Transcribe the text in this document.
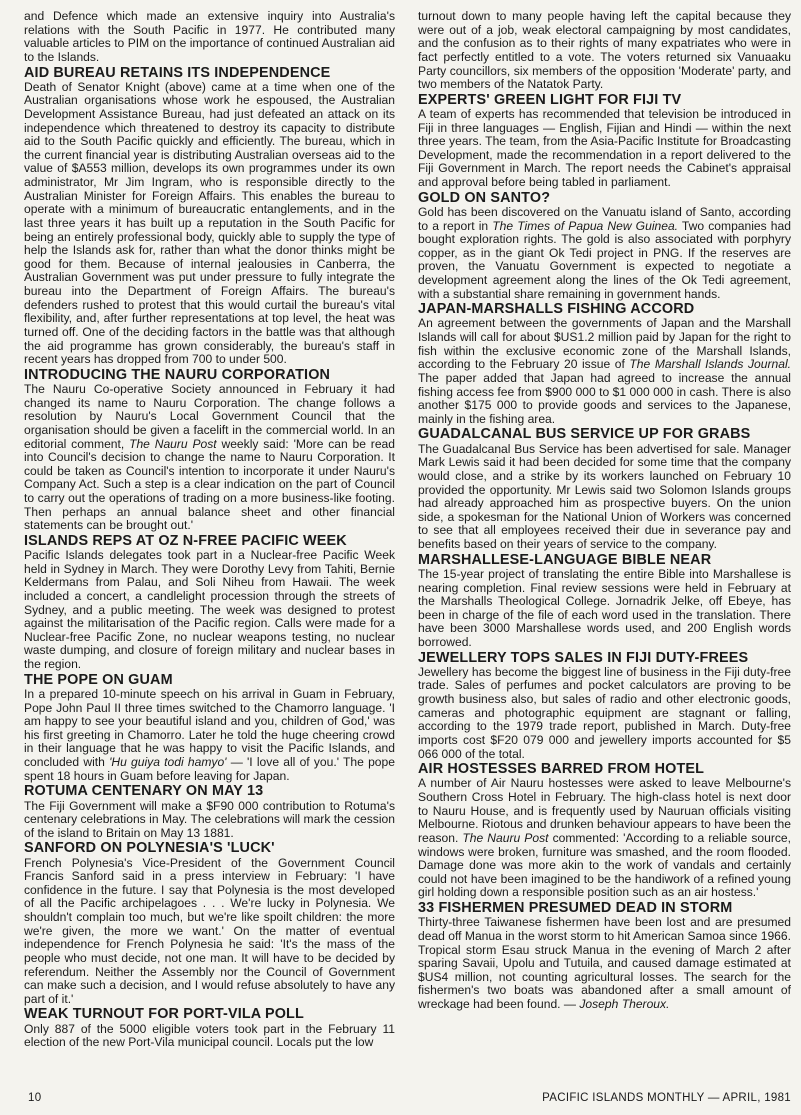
and Defence which made an extensive inquiry into Australia's relations with the South Pacific in 1977. He contributed many valuable articles to PIM on the importance of continued Australian aid to the Islands.

AID BUREAU RETAINS ITS INDEPENDENCE

Death of Senator Knight (above) came at a time when one of the Australian organisations whose work he espoused, the Australian Development Assistance Bureau, had just defeated an attack on its independence which threatened to destroy its capacity to distribute aid to the South Pacific quickly and efficiently. The bureau, which in the current financial year is distributing Australian overseas aid to the value of $A553 million, develops its own programmes under its own administrator, Mr Jim Ingram, who is responsible directly to the Australian Minister for Foreign Affairs. This enables the bureau to operate with a minimum of bureaucratic entanglements, and in the last three years it has built up a reputation in the South Pacific for being an entirely professional body, quickly able to supply the type of help the Islands ask for, rather than what the donor thinks might be good for them. Because of internal jealousies in Canberra, the Australian Government was put under pressure to fully integrate the bureau into the Department of Foreign Affairs. The bureau's defenders rushed to protest that this would curtail the bureau's vital flexibility, and, after further representations at top level, the heat was turned off. One of the deciding factors in the battle was that although the aid programme has grown considerably, the bureau's staff in recent years has dropped from 700 to under 500.

INTRODUCING THE NAURU CORPORATION

The Nauru Co-operative Society announced in February it had changed its name to Nauru Corporation. The change follows a resolution by Nauru's Local Government Council that the organisation should be given a facelift in the commercial world. In an editorial comment, The Nauru Post weekly said: 'More can be read into Council's decision to change the name to Nauru Corporation. It could be taken as Council's intention to incorporate it under Nauru's Company Act. Such a step is a clear indication on the part of Council to carry out the operations of trading on a more business-like footing. Then perhaps an annual balance sheet and other financial statements can be brought out.'

ISLANDS REPS AT OZ N-FREE PACIFIC WEEK

Pacific Islands delegates took part in a Nuclear-free Pacific Week held in Sydney in March. They were Dorothy Levy from Tahiti, Bernie Keldermans from Palau, and Soli Niheu from Hawaii. The week included a concert, a candlelight procession through the streets of Sydney, and a public meeting. The week was designed to protest against the militarisation of the Pacific region. Calls were made for a Nuclear-free Pacific Zone, no nuclear weapons testing, no nuclear waste dumping, and closure of foreign military and nuclear bases in the region.

THE POPE ON GUAM

In a prepared 10-minute speech on his arrival in Guam in February, Pope John Paul II three times switched to the Chamorro language. 'I am happy to see your beautiful island and you, children of God,' was his first greeting in Chamorro. Later he told the huge cheering crowd in their language that he was happy to visit the Pacific Islands, and concluded with 'Hu guiya todi hamyo' — 'I love all of you.' The pope spent 18 hours in Guam before leaving for Japan.

ROTUMA CENTENARY ON MAY 13

The Fiji Government will make a $F90 000 contribution to Rotuma's centenary celebrations in May. The celebrations will mark the cession of the island to Britain on May 13 1881.

SANFORD ON POLYNESIA'S 'LUCK'

French Polynesia's Vice-President of the Government Council Francis Sanford said in a press interview in February: 'I have confidence in the future. I say that Polynesia is the most developed of all the Pacific archipelagoes . . . We're lucky in Polynesia. We shouldn't complain too much, but we're like spoilt children: the more we're given, the more we want.' On the matter of eventual independence for French Polynesia he said: 'It's the mass of the people who must decide, not one man. It will have to be decided by referendum. Neither the Assembly nor the Council of Government can make such a decision, and I would refuse absolutely to have any part of it.'

WEAK TURNOUT FOR PORT-VILA POLL

Only 887 of the 5000 eligible voters took part in the February 11 election of the new Port-Vila municipal council. Locals put the low

turnout down to many people having left the capital because they were out of a job, weak electoral campaigning by most candidates, and the confusion as to their rights of many expatriates who were in fact perfectly entitled to a vote. The voters returned six Vanuaaku Party councillors, six members of the opposition 'Moderate' party, and two members of the Natatok Party.

EXPERTS' GREEN LIGHT FOR FIJI TV

A team of experts has recommended that television be introduced in Fiji in three languages — English, Fijian and Hindi — within the next three years. The team, from the Asia-Pacific Institute for Broadcasting Development, made the recommendation in a report delivered to the Fiji Government in March. The report needs the Cabinet's appraisal and approval before being tabled in parliament.

GOLD ON SANTO?

Gold has been discovered on the Vanuatu island of Santo, according to a report in The Times of Papua New Guinea. Two companies had bought exploration rights. The gold is also associated with porphyry copper, as in the giant Ok Tedi project in PNG. If the reserves are proven, the Vanuatu Government is expected to negotiate a development agreement along the lines of the Ok Tedi agreement, with a substantial share remaining in government hands.

JAPAN-MARSHALLS FISHING ACCORD

An agreement between the governments of Japan and the Marshall Islands will call for about $US1.2 million paid by Japan for the right to fish within the exclusive economic zone of the Marshall Islands, according to the February 20 issue of The Marshall Islands Journal. The paper added that Japan had agreed to increase the annual fishing access fee from $900 000 to $1 000 000 in cash. There is also another $175 000 to provide goods and services to the Japanese, mainly in the fishing area.

GUADALCANAL BUS SERVICE UP FOR GRABS

The Guadalcanal Bus Service has been advertised for sale. Manager Mark Lewis said it had been decided for some time that the company would close, and a strike by its workers launched on February 10 provided the opportunity. Mr Lewis said two Solomon Islands groups had already approached him as prospective buyers. On the union side, a spokesman for the National Union of Workers was concerned to see that all employees received their due in severance pay and benefits based on their years of service to the company.

MARSHALLESE-LANGUAGE BIBLE NEAR

The 15-year project of translating the entire Bible into Marshallese is nearing completion. Final review sessions were held in February at the Marshalls Theological College. Jornadrik Jelke, off Ebeye, has been in charge of the file of each word used in the translation. There have been 3000 Marshallese words used, and 200 English words borrowed.

JEWELLERY TOPS SALES IN FIJI DUTY-FREES

Jewellery has become the biggest line of business in the Fiji duty-free trade. Sales of perfumes and pocket calculators are proving to be growth business also, but sales of radio and other electronic goods, cameras and photographic equipment are stagnant or falling, according to the 1979 trade report, published in March. Duty-free imports cost $F20 079 000 and jewellery imports accounted for $5 066 000 of the total.

AIR HOSTESSES BARRED FROM HOTEL

A number of Air Nauru hostesses were asked to leave Melbourne's Southern Cross Hotel in February. The high-class hotel is next door to Nauru House, and is frequently used by Nauruan officials visiting Melbourne. Riotous and drunken behaviour appears to have been the reason. The Nauru Post commented: 'According to a reliable source, windows were broken, furniture was smashed, and the room flooded. Damage done was more akin to the work of vandals and certainly could not have been imagined to be the handiwork of a refined young girl holding down a responsible position such as an air hostess.'

33 FISHERMEN PRESUMED DEAD IN STORM

Thirty-three Taiwanese fishermen have been lost and are presumed dead off Manua in the worst storm to hit American Samoa since 1966. Tropical storm Esau struck Manua in the evening of March 2 after sparing Savaii, Upolu and Tutuila, and caused damage estimated at $US4 million, not counting agricultural losses. The search for the fishermen's two boats was abandoned after a small amount of wreckage had been found. — Joseph Theroux.

10	PACIFIC ISLANDS MONTHLY — APRIL, 1981
